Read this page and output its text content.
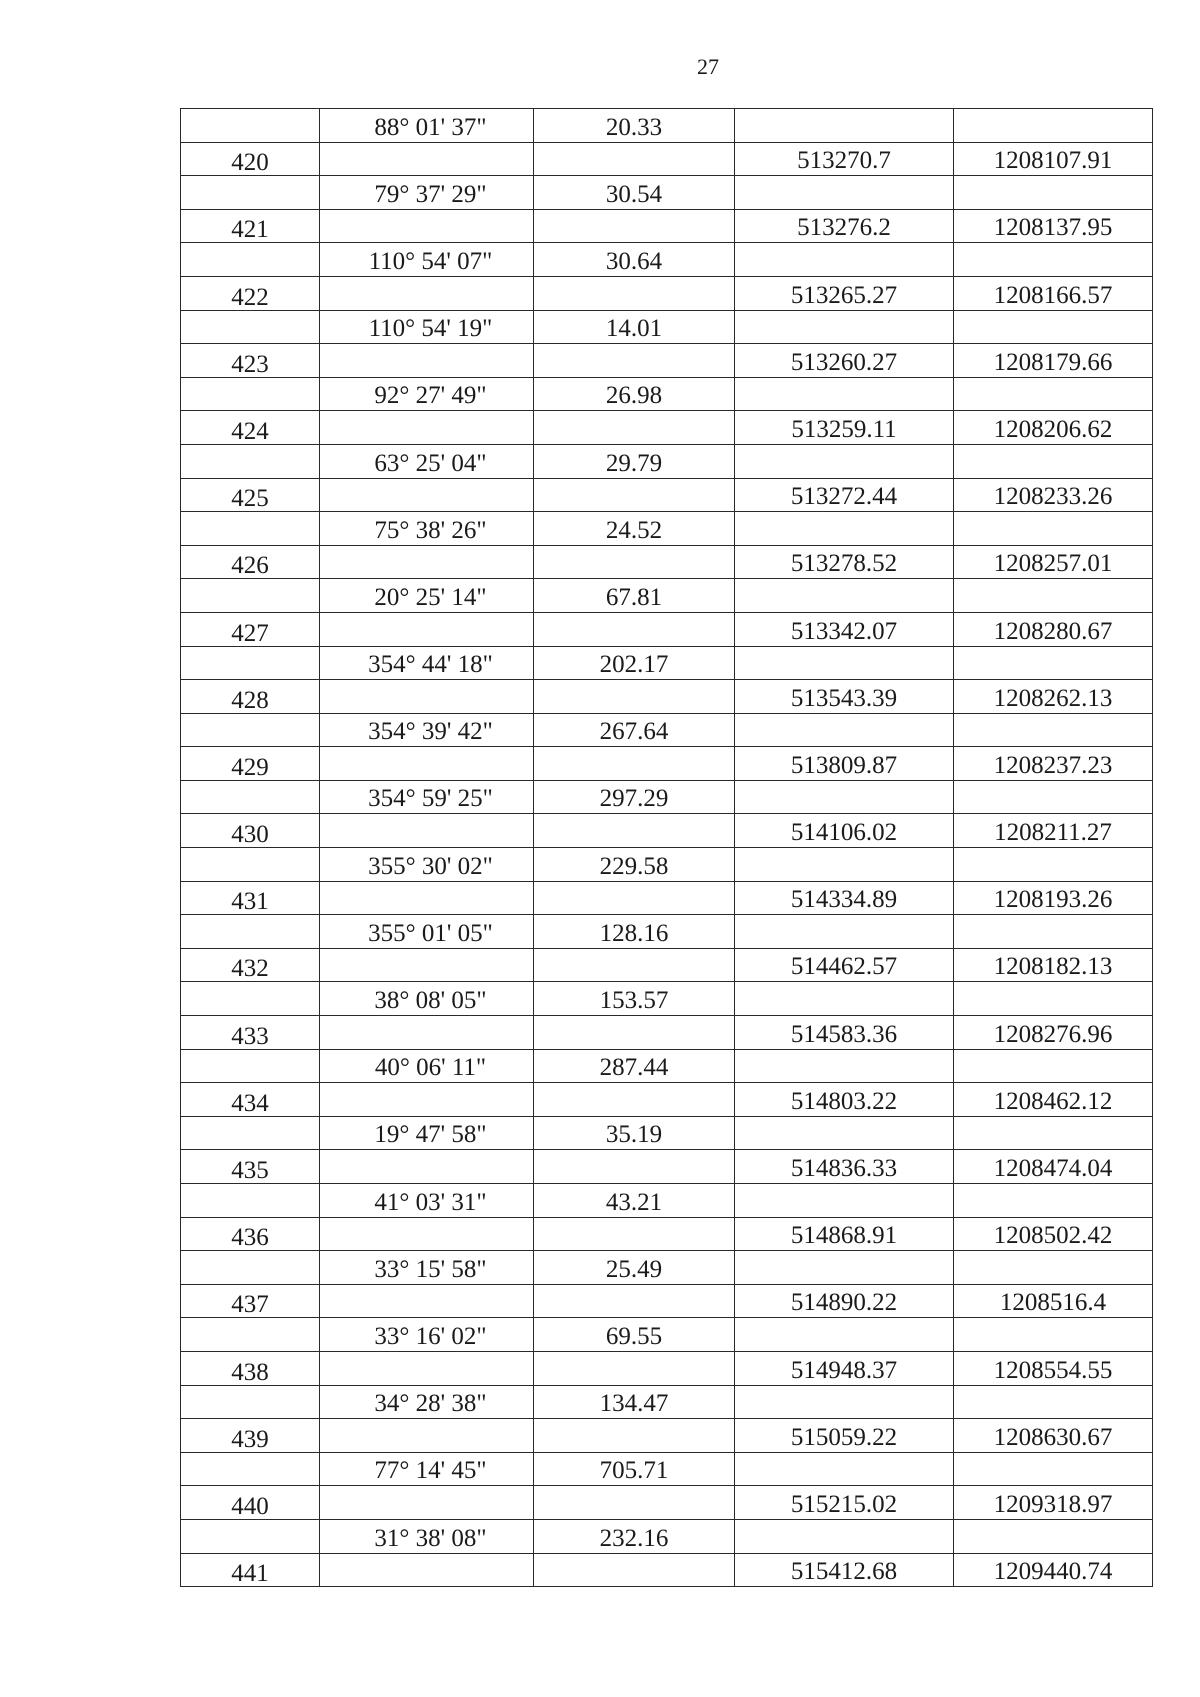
27
	88° 01' 37"	20.33		
420			513270.7	1208107.91
	79° 37' 29"	30.54		
421			513276.2	1208137.95
	110° 54' 07"	30.64		
422			513265.27	1208166.57
	110° 54' 19"	14.01		
423			513260.27	1208179.66
	92° 27' 49"	26.98		
424			513259.11	1208206.62
	63° 25' 04"	29.79		
425			513272.44	1208233.26
	75° 38' 26"	24.52		
426			513278.52	1208257.01
	20° 25' 14"	67.81		
427			513342.07	1208280.67
	354° 44' 18"	202.17		
428			513543.39	1208262.13
	354° 39' 42"	267.64		
429			513809.87	1208237.23
	354° 59' 25"	297.29		
430			514106.02	1208211.27
	355° 30' 02"	229.58		
431			514334.89	1208193.26
	355° 01' 05"	128.16		
432			514462.57	1208182.13
	38° 08' 05"	153.57		
433			514583.36	1208276.96
	40° 06' 11"	287.44		
434			514803.22	1208462.12
	19° 47' 58"	35.19		
435			514836.33	1208474.04
	41° 03' 31"	43.21		
436			514868.91	1208502.42
	33° 15' 58"	25.49		
437			514890.22	1208516.4
	33° 16' 02"	69.55		
438			514948.37	1208554.55
	34° 28' 38"	134.47		
439			515059.22	1208630.67
	77° 14' 45"	705.71		
440			515215.02	1209318.97
	31° 38' 08"	232.16		
441			515412.68	1209440.74
